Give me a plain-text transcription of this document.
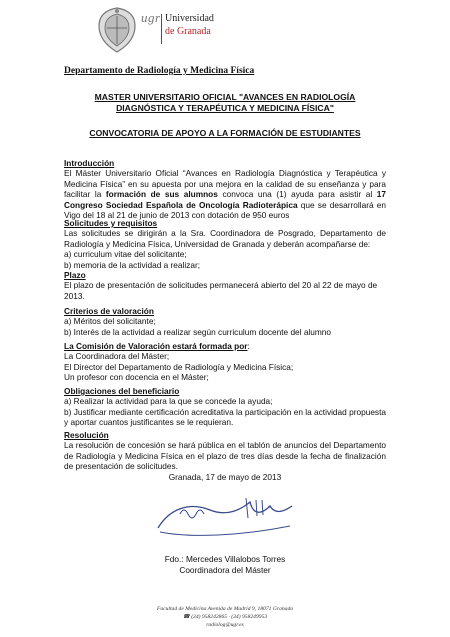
ugr Universidad
de Granada
Departamento de Radiología y Medicina Física
MASTER UNIVERSITARIO OFICIAL "AVANCES EN RADIOLOGÍA
DIAGNÓSTICA Y TERAPÉUTICA Y MEDICINA FÍSICA"
CONVOCATORIA DE APOYO A LA FORMACIÓN DE ESTUDIANTES
Introducción

El Máster Universitario Oficial “Avances en Radiología Diagnóstica y Terapéutica y Medicina Física” en su apuesta por una mejora en la calidad de su enseñanza y para facilitar la formación de sus alumnos convoca una (1) ayuda para asistir al 17 Congreso Sociedad Española de Oncología Radioterápica que se desarrollará en Vigo del 18 al 21 de junio de 2013 con dotación de 950 euros

Solicitudes y requisitos

Las solicitudes se dirigirán a la Sra. Coordinadora de Posgrado, Departamento de Radiología y Medicina Física, Universidad de Granada y deberán acompañarse de:

a) curriculum vitae del solicitante;

b) memoria de la actividad a realizar;

Plazo

El plazo de presentación de solicitudes permanecerá abierto del 20 al 22 de mayo de 2013.

Criterios de valoración

a) Méritos del solicitante;

b) Interés de la actividad a realizar según curriculum docente del alumno

La Comisión de Valoración estará formada por:

La Coordinadora del Máster;

El Director del Departamento de Radiología y Medicina Física;

Un profesor con docencia en el Máster;

Obligaciones del beneficiario

a) Realizar la actividad para la que se concede la ayuda;

b) Justificar mediante certificación acreditativa la participación en la actividad propuesta y aportar cuantos justificantes se le requieran.

Resolución

La resolución de concesión se hará pública en el tablón de anuncios del Departamento de Radiología y Medicina Física en el plazo de tres días desde la fecha de finalización de presentación de solicitudes.

Granada, 17 de mayo de 2013
Fdo.: Mercedes Villalobos Torres
Coordinadora del Máster
Facultad de Medicina Avenida de Madrid 9, 18071 Granada
☎ (34) 958242865 · (34) 958249953
radiolog@ugr.es
